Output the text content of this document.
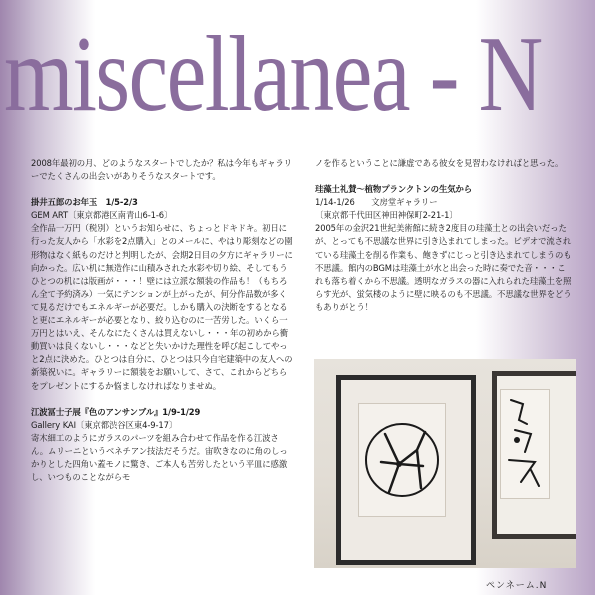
miscellanea - N

2008年最初の月、どのようなスタートでしたか？私は今年もギャラリーでたくさんの出会いがありそうなスタートです。

掛井五郎のお年玉　1/5-2/3

GEM ART〔東京都港区南青山6-1-6〕

全作品一万円（税別）というお知らせに、ちょっとドキドキ。初日に行った友人から「水彩を2点購入」とのメールに、やはり彫刻などの園形物はなく紙ものだけと判明したが、会期2日目の夕方にギャラリーに向かった。広い机に無造作に山積みされた水彩や切り絵、そしてもうひとつの机には版画が・・・！壁には立派な額装の作品も！（もちろん全て予約済み）一気にテンションが上がったが、何分作品数が多くて見るだけでもエネルギーが必要だ。しかも購入の決断をするとなると更にエネルギーが必要となり、絞り込むのに一苦労した。いくら一万円とはいえ、そんなにたくさんは買えないし・・・年の初めから衝動買いは良くないし・・・などと失いかけた理性を呼び起こしてやっと2点に決めた。ひとつは自分に、ひとつは只今自宅建築中の友人への新築祝いに。ギャラリーに額装をお願いして、さて、これからどちらをプレゼントにするか悩ましなければなりませぬ。

江波冨士子展『色のアンサンブル』1/9-1/29

Gallery KAI〔東京都渋谷区東4-9-17〕

寄木細工のようにガラスのパーツを組み合わせて作品を作る江波さん。ムリーニというベネチアン技法だそうだ。宙吹きなのに角のしっかりとした四角い蓋モノに驚き、ご本人も苦労したという平皿に感激し、いつものことながらモ

ノを作るということに謙虚である彼女を見習わなければと思った。

珪藻土礼賛〜植物プランクトンの生気から

1/14-1/26　　文房堂ギャラリー

〔東京都千代田区神田神保町2-21-1〕

2005年の金沢21世紀美術館に続き2度目の珪藻土との出会いだったが、とっても不思議な世界に引き込まれてしまった。ビデオで流されている珪藻土を削る作業も、飽きずにじっと引き込まれてしまうのも不思議。館内のBGMは珪藻土が水と出会った時に奏でた音・・・これも落ち着くから不思議。透明なガラスの器に入れられた珪藻土を照らす光が、蛍気楼のように壁に映るのも不思議。不思議な世界をどうもありがとう！

ペンネーム.N
